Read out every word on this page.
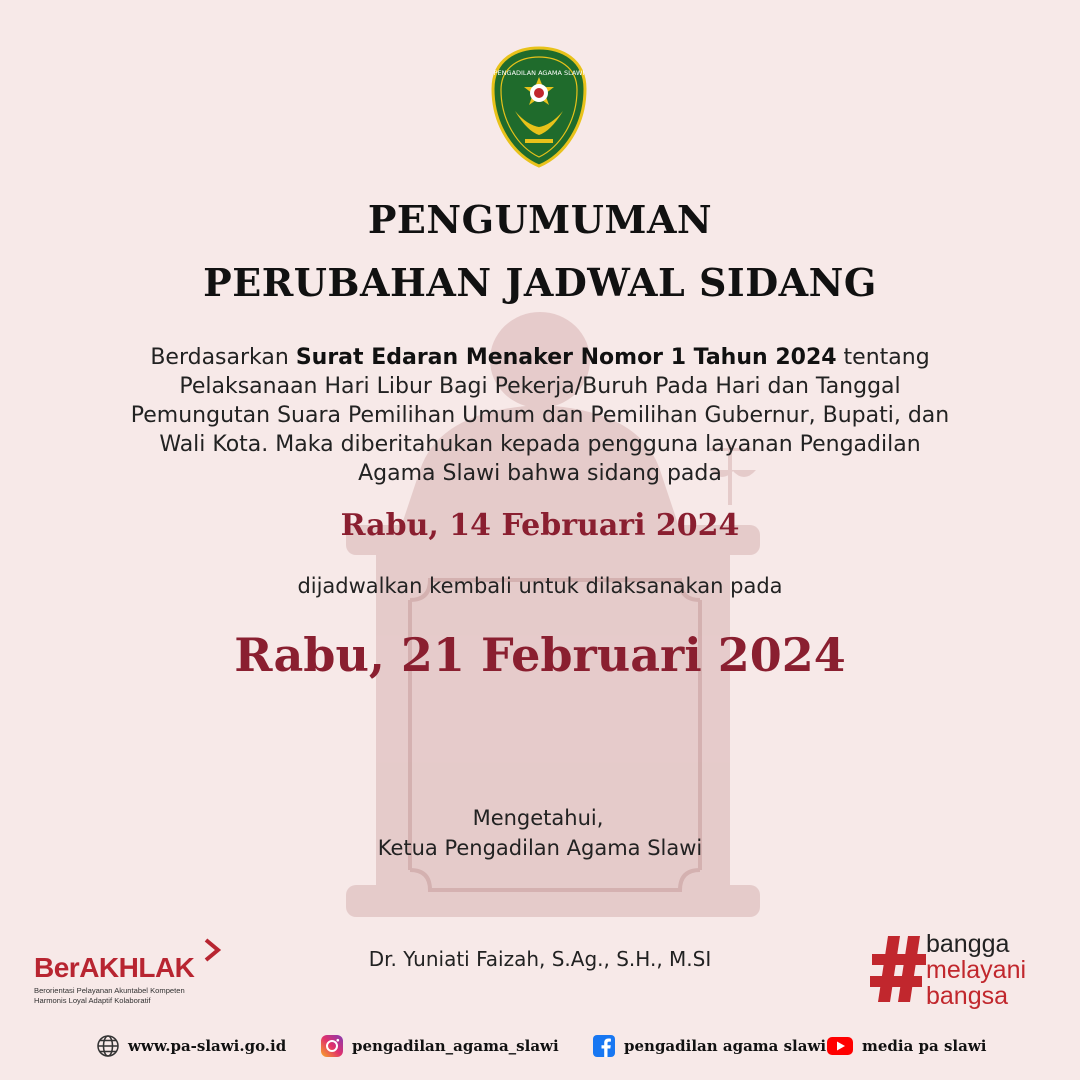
PENGADILAN AGAMA SLAWI
PENGUMUMAN
PERUBAHAN JADWAL SIDANG
Berdasarkan Surat Edaran Menaker Nomor 1 Tahun 2024 tentang
Pelaksanaan Hari Libur Bagi Pekerja/Buruh Pada Hari dan Tanggal
Pemungutan Suara Pemilihan Umum dan Pemilihan Gubernur, Bupati, dan
Wali Kota. Maka diberitahukan kepada pengguna layanan Pengadilan
Agama Slawi bahwa sidang pada
Rabu, 14 Februari 2024
dijadwalkan kembali untuk dilaksanakan pada
Rabu, 21 Februari 2024
Mengetahui,
Ketua Pengadilan Agama Slawi
Dr. Yuniati Faizah, S.Ag., S.H., M.SI
BerAKHLAK
Berorientasi Pelayanan Akuntabel Kompeten
Harmonis Loyal Adaptif Kolaboratif
bangga
melayani
bangsa
www.pa-slawi.go.id	pengadilan_agama_slawi	pengadilan agama slawi media pa slawi
